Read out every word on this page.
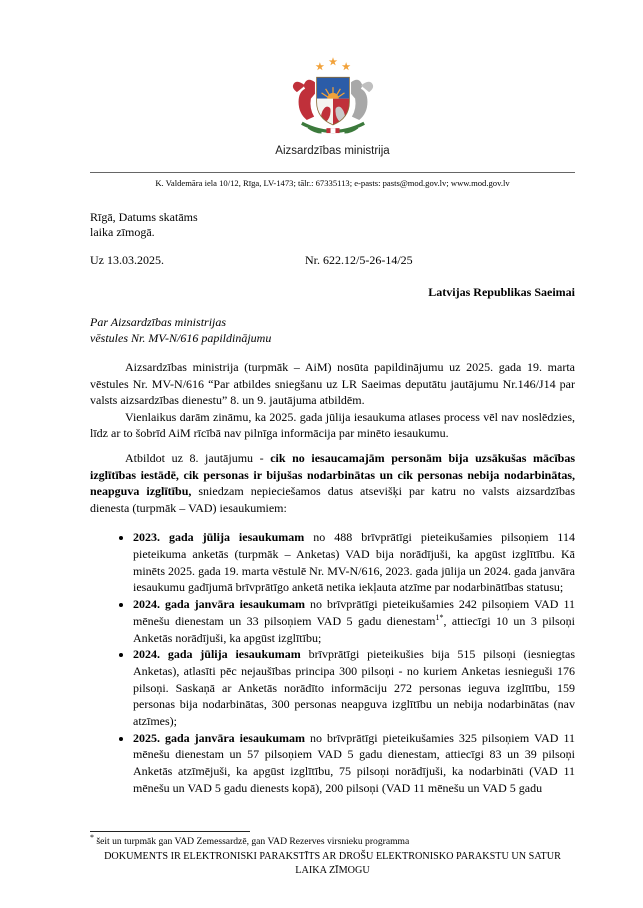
Aizsardzības ministrija
K. Valdemāra iela 10/12, Rīga, LV-1473; tālr.: 67335113; e-pasts: pasts@mod.gov.lv; www.mod.gov.lv
Rīgā, Datums skatāms
laika zīmogā.
Uz 13.03.2025.	Nr. 622.12/5-26-14/25
Latvijas Republikas Saeimai
Par Aizsardzības ministrijas
vēstules Nr. MV-N/616 papildinājumu

Aizsardzības ministrija (turpmāk – AiM) nosūta papildinājumu uz 2025. gada 19. marta vēstules Nr. MV-N/616 “Par atbildes sniegšanu uz LR Saeimas deputātu jautājumu Nr.146/J14 par valsts aizsardzības dienestu” 8. un 9. jautājuma atbildēm.

Vienlaikus darām zināmu, ka 2025. gada jūlija iesaukuma atlases process vēl nav noslēdzies, līdz ar to šobrīd AiM rīcībā nav pilnīga informācija par minēto iesaukumu.

Atbildot uz 8. jautājumu - cik no iesaucamajām personām bija uzsākušas mācības izglītības iestādē, cik personas ir bijušas nodarbinātas un cik personas nebija nodarbinātas, neapguva izglītību, sniedzam nepieciešamos datus atsevišķi par katru no valsts aizsardzības dienesta (turpmāk – VAD) iesaukumiem:

• 2023. gada jūlija iesaukumam no 488 brīvprātīgi pieteikušamies pilsoņiem 114 pieteikuma anketās (turpmāk – Anketas) VAD bija norādījuši, ka apgūst izglītību. Kā minēts 2025. gada 19. marta vēstulē Nr. MV-N/616, 2023. gada jūlija un 2024. gada janvāra iesaukumu gadījumā brīvprātīgo anketā netika iekļauta atzīme par nodarbinātības statusu;
• 2024. gada janvāra iesaukumam no brīvprātīgi pieteikušamies 242 pilsoņiem VAD 11 mēnešu dienestam un 33 pilsoņiem VAD 5 gadu dienestam$^{1*}$, attiecīgi 10 un 3 pilsoņi Anketās norādījuši, ka apgūst izglītību;
• 2024. gada jūlija iesaukumam brīvprātīgi pieteikušies bija 515 pilsoņi (iesniegtas Anketas), atlasīti pēc nejaušības principa 300 pilsoņi - no kuriem Anketas iesnieguši 176 pilsoņi. Saskaņā ar Anketās norādīto informāciju 272 personas ieguva izglītību, 159 personas bija nodarbinātas, 300 personas neapguva izglītību un nebija nodarbinātas (nav atzīmes);
• 2025. gada janvāra iesaukumam no brīvprātīgi pieteikušamies 325 pilsoņiem VAD 11 mēnešu dienestam un 57 pilsoņiem VAD 5 gadu dienestam, attiecīgi 83 un 39 pilsoņi Anketās atzīmējuši, ka apgūst izglītību, 75 pilsoņi norādījuši, ka nodarbināti (VAD 11 mēnešu un VAD 5 gadu dienests kopā), 200 pilsoņi (VAD 11 mēnešu un VAD 5 gadu
* šeit un turpmāk gan VAD Zemessardzē, gan VAD Rezerves virsnieku programma
DOKUMENTS IR ELEKTRONISKI PARAKSTĪTS AR DROŠU ELEKTRONISKO PARAKSTU UN SATUR
LAIKA ZĪMOGU
